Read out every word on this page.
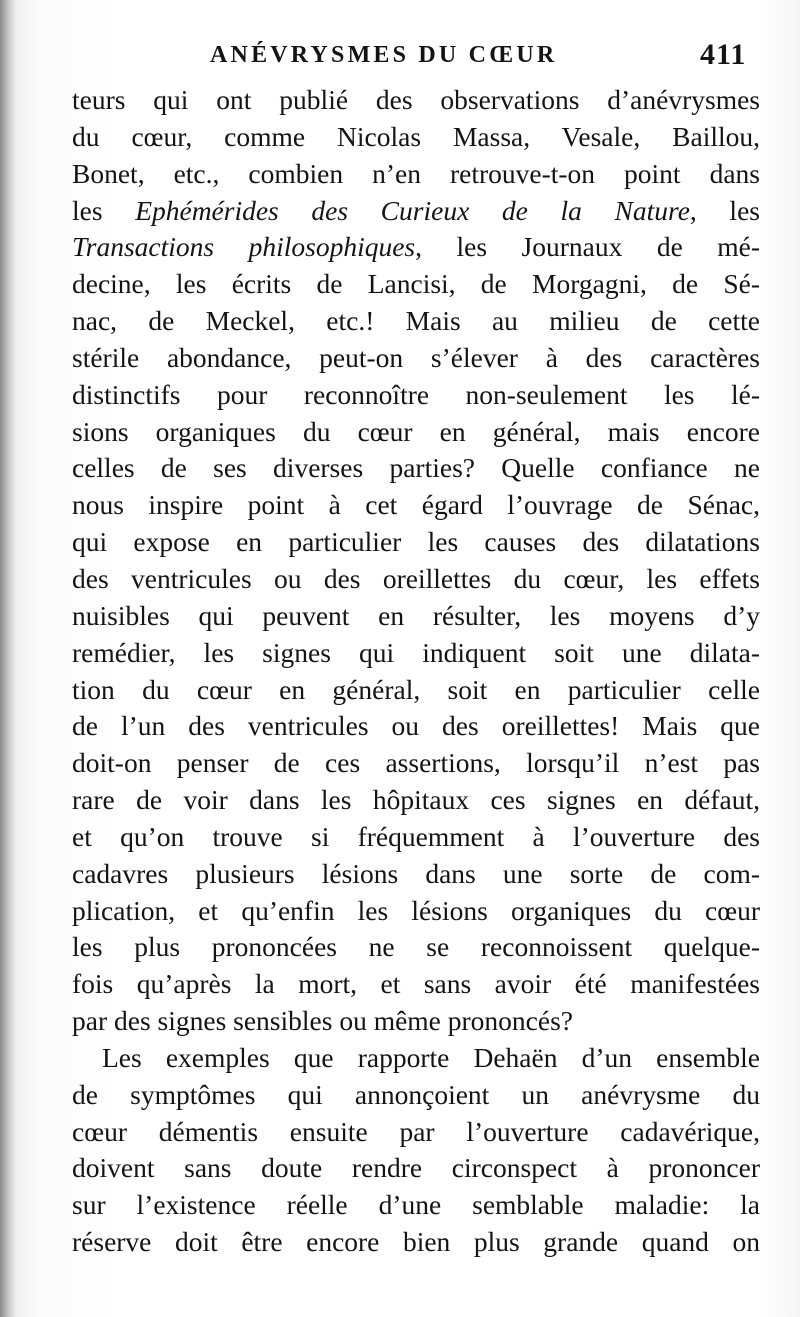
ANÉVRYSMES DU CŒUR	411
teurs qui ont publié des observations d’anévrysmes
du cœur, comme Nicolas Massa, Vesale, Baillou,
Bonet, etc., combien n’en retrouve-t-on point dans
les Ephémérides des Curieux de la Nature, les
Transactions philosophiques, les Journaux de mé-
decine, les écrits de Lancisi, de Morgagni, de Sé-
nac, de Meckel, etc.! Mais au milieu de cette
stérile abondance, peut-on s’élever à des caractères
distinctifs pour reconnoître non-seulement les lé-
sions organiques du cœur en général, mais encore
celles de ses diverses parties? Quelle confiance ne
nous inspire point à cet égard l’ouvrage de Sénac,
qui expose en particulier les causes des dilatations
des ventricules ou des oreillettes du cœur, les effets
nuisibles qui peuvent en résulter, les moyens d’y
remédier, les signes qui indiquent soit une dilata-
tion du cœur en général, soit en particulier celle
de l’un des ventricules ou des oreillettes! Mais que
doit-on penser de ces assertions, lorsqu’il n’est pas
rare de voir dans les hôpitaux ces signes en défaut,
et qu’on trouve si fréquemment à l’ouverture des
cadavres plusieurs lésions dans une sorte de com-
plication, et qu’enfin les lésions organiques du cœur
les plus prononcées ne se reconnoissent quelque-
fois qu’après la mort, et sans avoir été manifestées
par des signes sensibles ou même prononcés?
Les exemples que rapporte Dehaën d’un ensemble
de symptômes qui annonçoient un anévrysme du
cœur démentis ensuite par l’ouverture cadavérique,
doivent sans doute rendre circonspect à prononcer
sur l’existence réelle d’une semblable maladie: la
réserve doit être encore bien plus grande quand on
